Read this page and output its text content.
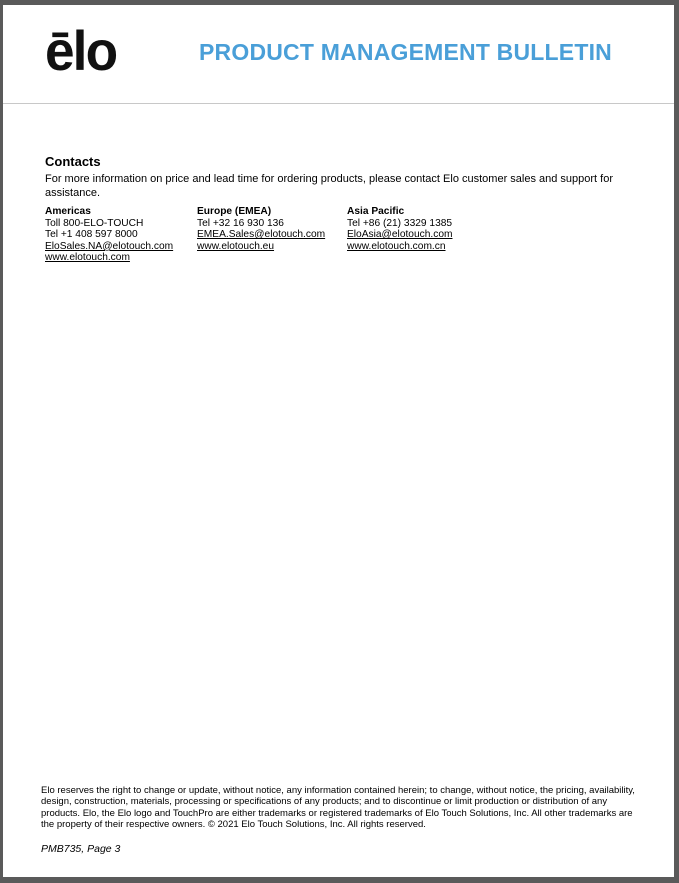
ēlo	PRODUCT MANAGEMENT BULLETIN
Contacts
For more information on price and lead time for ordering products, please contact Elo customer sales and support for assistance.
Americas
Toll 800-ELO-TOUCH
Tel +1 408 597 8000
EloSales.NA@elotouch.com
www.elotouch.com
Europe (EMEA)
Tel +32 16 930 136
EMEA.Sales@elotouch.com
www.elotouch.eu
Asia Pacific
Tel +86 (21) 3329 1385
EloAsia@elotouch.com
www.elotouch.com.cn
Elo reserves the right to change or update, without notice, any information contained herein; to change, without notice, the pricing, availability, design, construction, materials, processing or specifications of any products; and to discontinue or limit production or distribution of any products. Elo, the Elo logo and TouchPro are either trademarks or registered trademarks of Elo Touch Solutions, Inc. All other trademarks are the property of their respective owners. © 2021 Elo Touch Solutions, Inc. All rights reserved.
PMB735, Page 3
